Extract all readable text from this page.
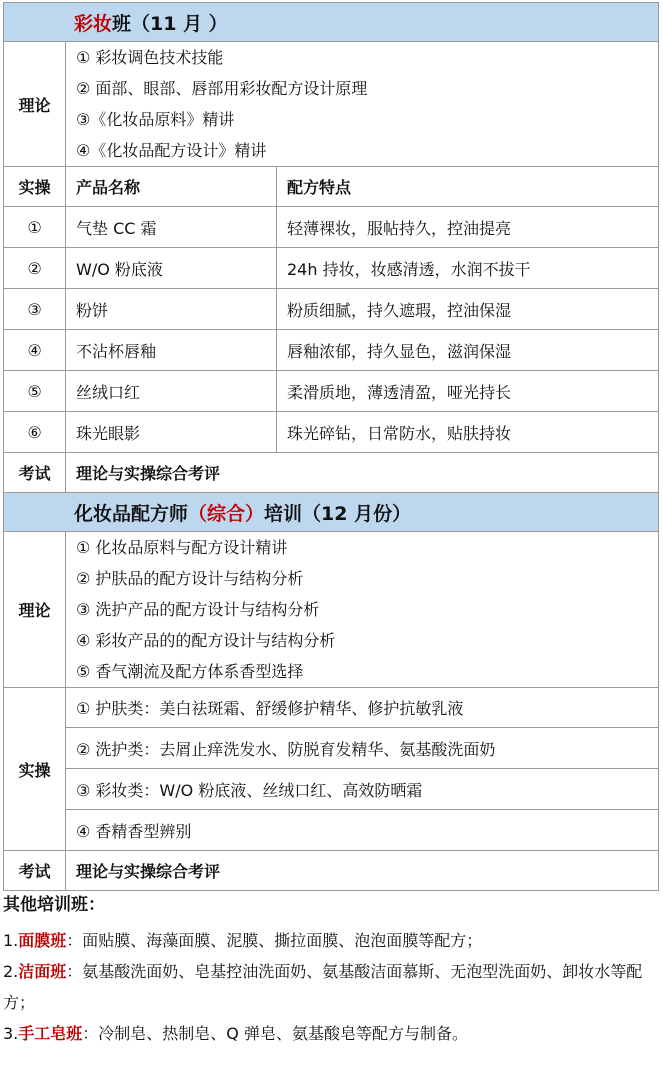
彩妆班（11 月 ）		
理论	① 彩妆调色技术技能
② 面部、眼部、唇部用彩妆配方设计原理
③《化妆品原料》精讲
④《化妆品配方设计》精讲	

实操	产品名称	配方特点
①	气垫 CC 霜	轻薄裸妆，服帖持久，控油提亮
②	W/O 粉底液	24h 持妆，妆感清透，水润不拔干
③	粉饼	粉质细腻，持久遮瑕，控油保湿
④	不沾杯唇釉	唇釉浓郁，持久显色，滋润保湿
⑤	丝绒口红	柔滑质地，薄透清盈，哑光持长
⑥	珠光眼影	珠光碎钻，日常防水，贴肤持妆
考试	理论与实操综合考评	
化妆品配方师（综合）培训（12 月份）		
理论	① 化妆品原料与配方设计精讲
② 护肤品的配方设计与结构分析
③ 洗护产品的配方设计与结构分析
④ 彩妆产品的的配方设计与结构分析
⑤ 香气潮流及配方体系香型选择	

实操	① 护肤类：美白祛斑霜、舒缓修护精华、修护抗敏乳液	
	② 洗护类：去屑止痒洗发水、防脱育发精华、氨基酸洗面奶	
	③ 彩妆类：W/O 粉底液、丝绒口红、高效防晒霜	
	④ 香精香型辨别	
考试	理论与实操综合考评	
其他培训班：
1.面膜班：面贴膜、海藻面膜、泥膜、撕拉面膜、泡泡面膜等配方；
2.洁面班：氨基酸洗面奶、皂基控油洗面奶、氨基酸洁面慕斯、无泡型洗面奶、卸妆水等配方；
3.手工皂班：冷制皂、热制皂、Q 弹皂、氨基酸皂等配方与制备。
